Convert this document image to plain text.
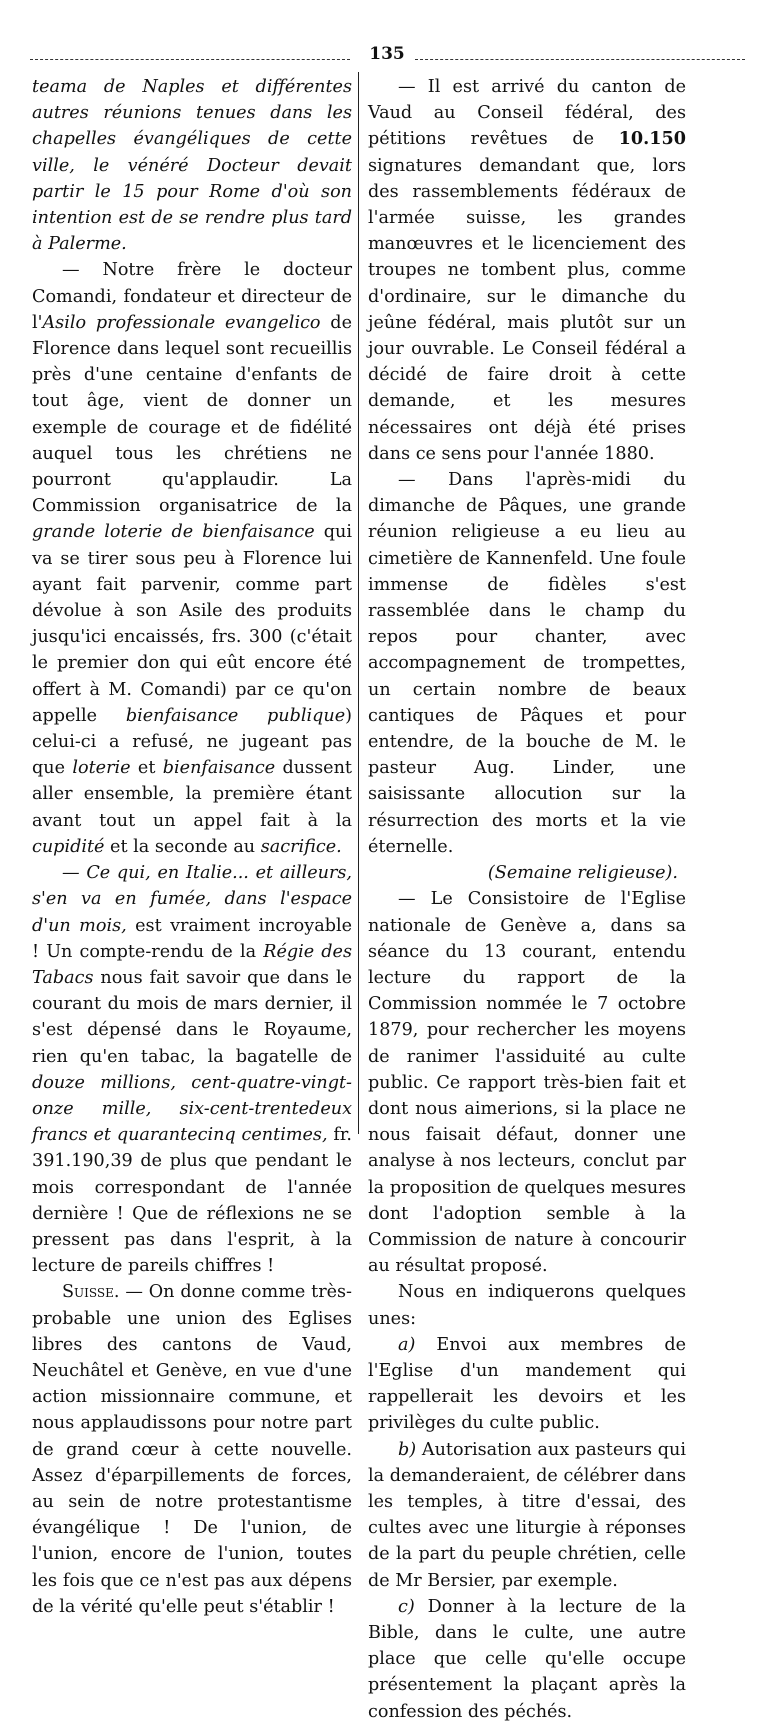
135

teama de Naples et différentes autres réunions tenues dans les chapelles évangéliques de cette ville, le vénéré Docteur devait partir le 15 pour Rome d'où son intention est de se rendre plus tard à Palerme.

— Notre frère le docteur Comandi, fondateur et directeur de l'Asilo professionale evangelico de Florence dans lequel sont recueillis près d'une centaine d'enfants de tout âge, vient de donner un exemple de courage et de fidélité auquel tous les chrétiens ne pourront qu'applaudir. La Commission organisatrice de la grande loterie de bienfaisance qui va se tirer sous peu à Florence lui ayant fait parvenir, comme part dévolue à son Asile des produits jusqu'ici encaissés, frs. 300 (c'était le premier don qui eût encore été offert à M. Comandi) par ce qu'on appelle bienfaisance publique) celui-ci a refusé, ne jugeant pas que loterie et bienfaisance dussent aller ensemble, la première étant avant tout un appel fait à la cupidité et la seconde au sacrifice.

— Ce qui, en Italie... et ailleurs, s'en va en fumée, dans l'espace d'un mois, est vraiment incroyable ! Un compte-rendu de la Régie des Tabacs nous fait savoir que dans le courant du mois de mars dernier, il s'est dépensé dans le Royaume, rien qu'en tabac, la bagatelle de douze millions, cent-quatre-vingt-onze mille, six-cent-trentedeux francs et quarantecinq centimes, fr. 391.190,39 de plus que pendant le mois correspondant de l'année dernière ! Que de réflexions ne se pressent pas dans l'esprit, à la lecture de pareils chiffres !

Suisse. — On donne comme très-probable une union des Eglises libres des cantons de Vaud, Neuchâtel et Genève, en vue d'une action missionnaire commune, et nous applaudissons pour notre part de grand cœur à cette nouvelle. Assez d'éparpillements de forces, au sein de notre protestantisme évangélique ! De l'union, de l'union, encore de l'union, toutes les fois que ce n'est pas aux dépens de la vérité qu'elle peut s'établir !

— Il est arrivé du canton de Vaud au Conseil fédéral, des pétitions revêtues de 10.150 signatures demandant que, lors des rassemblements fédéraux de l'armée suisse, les grandes manœuvres et le licenciement des troupes ne tombent plus, comme d'ordinaire, sur le dimanche du jeûne fédéral, mais plutôt sur un jour ouvrable. Le Conseil fédéral a décidé de faire droit à cette demande, et les mesures nécessaires ont déjà été prises dans ce sens pour l'année 1880.

— Dans l'après-midi du dimanche de Pâques, une grande réunion religieuse a eu lieu au cimetière de Kannenfeld. Une foule immense de fidèles s'est rassemblée dans le champ du repos pour chanter, avec accompagnement de trompettes, un certain nombre de beaux cantiques de Pâques et pour entendre, de la bouche de M. le pasteur Aug. Linder, une saisissante allocution sur la résurrection des morts et la vie éternelle.

(Semaine religieuse).

— Le Consistoire de l'Eglise nationale de Genève a, dans sa séance du 13 courant, entendu lecture du rapport de la Commission nommée le 7 octobre 1879, pour rechercher les moyens de ranimer l'assiduité au culte public. Ce rapport très-bien fait et dont nous aimerions, si la place ne nous faisait défaut, donner une analyse à nos lecteurs, conclut par la proposition de quelques mesures dont l'adoption semble à la Commission de nature à concourir au résultat proposé.

Nous en indiquerons quelques unes:

a) Envoi aux membres de l'Eglise d'un mandement qui rappellerait les devoirs et les privilèges du culte public.

b) Autorisation aux pasteurs qui la demanderaient, de célébrer dans les temples, à titre d'essai, des cultes avec une liturgie à réponses de la part du peuple chrétien, celle de Mr Bersier, par exemple.

c) Donner à la lecture de la Bible, dans le culte, une autre place que celle qu'elle occupe présentement la plaçant après la confession des péchés.
